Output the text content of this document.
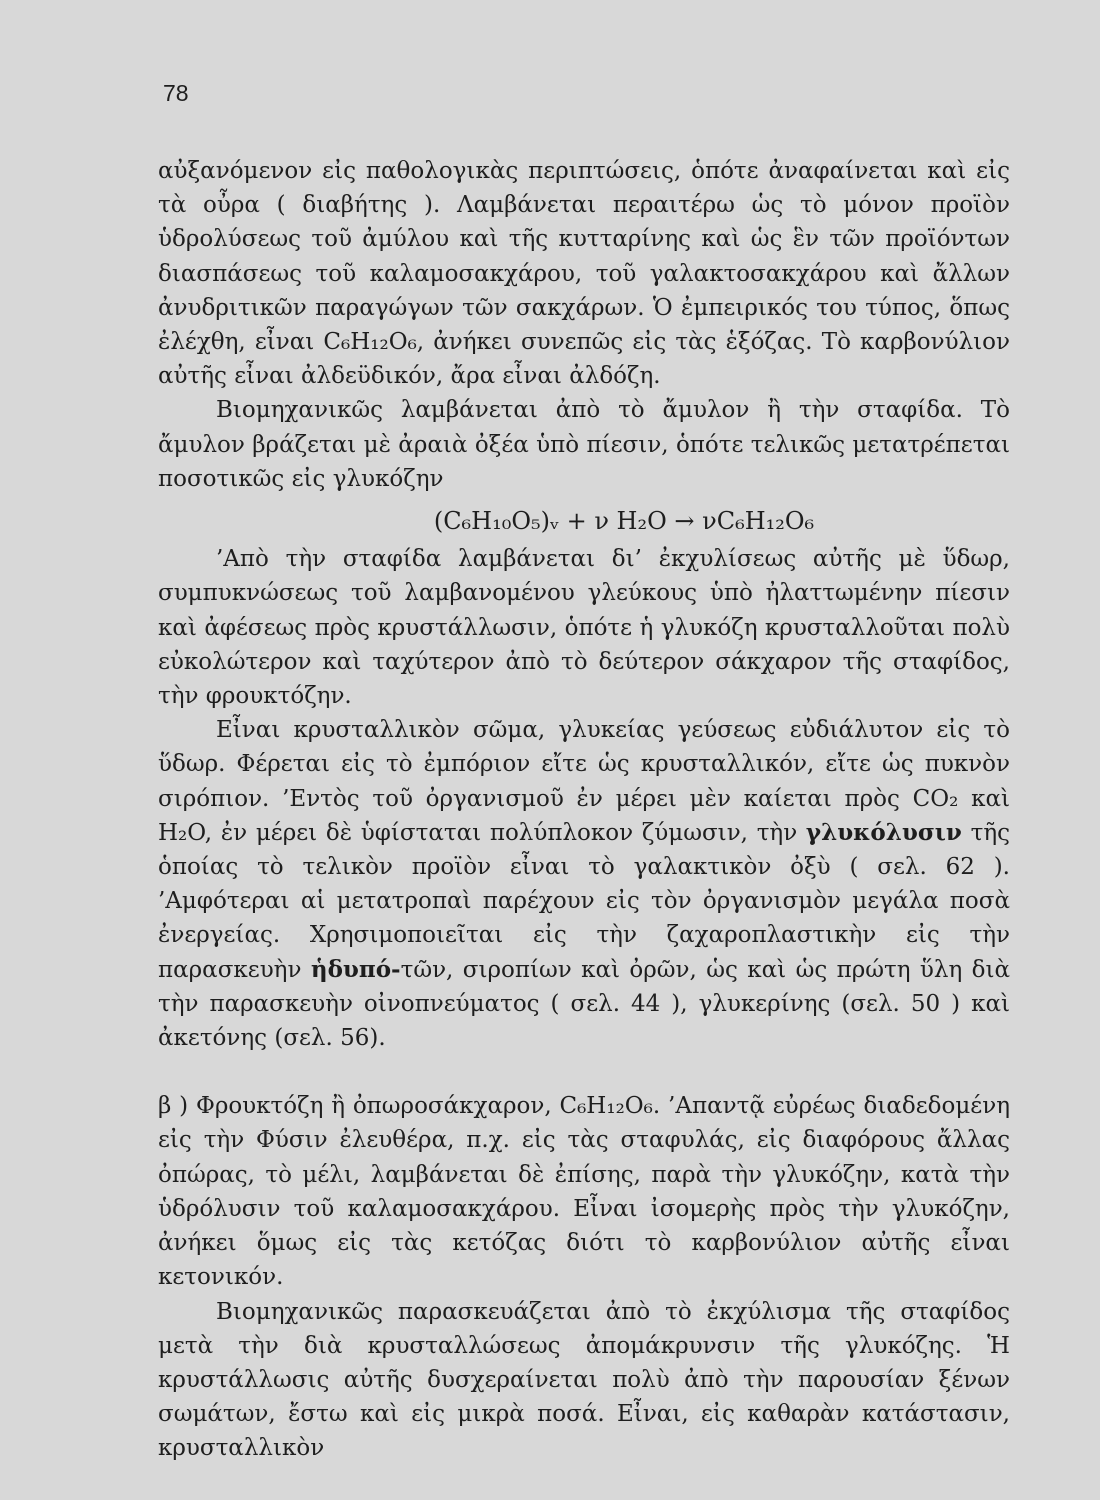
78

αὐξανόμενον εἰς παθολογικὰς περιπτώσεις, ὁπότε ἀναφαίνεται καὶ εἰς τὰ οὖρα ( διαβήτης ). Λαμβάνεται περαιτέρω ὡς τὸ μόνον προϊὸν ὑδρολύσεως τοῦ ἀμύλου καὶ τῆς κυτταρίνης καὶ ὡς ἓν τῶν προϊόντων διασπάσεως τοῦ καλαμοσακχάρου, τοῦ γαλακτοσακχάρου καὶ ἄλλων ἀνυδριτικῶν παραγώγων τῶν σακχάρων. Ὁ ἐμπειρικός του τύπος, ὅπως ἐλέχθη, εἶναι C₆H₁₂O₆, ἀνήκει συνεπῶς εἰς τὰς ἑξόζας. Τὸ καρβονύλιον αὐτῆς εἶναι ἀλδεϋδικόν, ἄρα εἶναι ἀλδόζη.

Βιομηχανικῶς λαμβάνεται ἀπὸ τὸ ἄμυλον ἢ τὴν σταφίδα. Τὸ ἄμυλον βράζεται μὲ ἀραιὰ ὀξέα ὑπὸ πίεσιν, ὁπότε τελικῶς μετατρέπεται ποσοτικῶς εἰς γλυκόζην

(C₆H₁₀O₅)ᵥ + ν H₂O → νC₆H₁₂O₆

’Απὸ τὴν σταφίδα λαμβάνεται δι’ ἐκχυλίσεως αὐτῆς μὲ ὕδωρ, συμπυκνώσεως τοῦ λαμβανομένου γλεύκους ὑπὸ ἠλαττωμένην πίεσιν καὶ ἀφέσεως πρὸς κρυστάλλωσιν, ὁπότε ἡ γλυκόζη κρυσταλλοῦται πολὺ εὐκολώτερον καὶ ταχύτερον ἀπὸ τὸ δεύτερον σάκχαρον τῆς σταφίδος, τὴν φρουκτόζην.

Εἶναι κρυσταλλικὸν σῶμα, γλυκείας γεύσεως εὐδιάλυτον εἰς τὸ ὕδωρ. Φέρεται εἰς τὸ ἐμπόριον εἴτε ὡς κρυσταλλικόν, εἴτε ὡς πυκνὸν σιρόπιον. ’Εντὸς τοῦ ὀργανισμοῦ ἐν μέρει μὲν καίεται πρὸς CO₂ καὶ H₂O, ἐν μέρει δὲ ὑφίσταται πολύπλοκον ζύμωσιν, τὴν γλυκόλυσιν τῆς ὁποίας τὸ τελικὸν προϊὸν εἶναι τὸ γαλακτικὸν ὀξὺ ( σελ. 62 ). ’Αμφότεραι αἱ μετατροπαὶ παρέχουν εἰς τὸν ὀργανισμὸν μεγάλα ποσὰ ἐνεργείας. Χρησιμοποιεῖται εἰς τὴν ζαχαροπλαστικὴν εἰς τὴν παρασκευὴν ἡδυπό-τῶν, σιροπίων καὶ ὀρῶν, ὡς καὶ ὡς πρώτη ὕλη διὰ τὴν παρασκευὴν οἰνοπνεύματος ( σελ. 44 ), γλυκερίνης (σελ. 50 ) καὶ ἀκετόνης (σελ. 56).

β ) Φρουκτόζη ἢ ὀπωροσάκχαρον, C₆H₁₂O₆. ’Απαντᾷ εὐρέως διαδεδομένη εἰς τὴν Φύσιν ἐλευθέρα, π.χ. εἰς τὰς σταφυλάς, εἰς διαφόρους ἄλλας ὀπώρας, τὸ μέλι, λαμβάνεται δὲ ἐπίσης, παρὰ τὴν γλυκόζην, κατὰ τὴν ὑδρόλυσιν τοῦ καλαμοσακχάρου. Εἶναι ἰσομερὴς πρὸς τὴν γλυκόζην, ἀνήκει ὅμως εἰς τὰς κετόζας διότι τὸ καρβονύλιον αὐτῆς εἶναι κετονικόν.

Βιομηχανικῶς παρασκευάζεται ἀπὸ τὸ ἐκχύλισμα τῆς σταφίδος μετὰ τὴν διὰ κρυσταλλώσεως ἀπομάκρυνσιν τῆς γλυκόζης. Ἡ κρυστάλλωσις αὐτῆς δυσχεραίνεται πολὺ ἀπὸ τὴν παρουσίαν ξένων σωμάτων, ἔστω καὶ εἰς μικρὰ ποσά. Εἶναι, εἰς καθαρὰν κατάστασιν, κρυσταλλικὸν
